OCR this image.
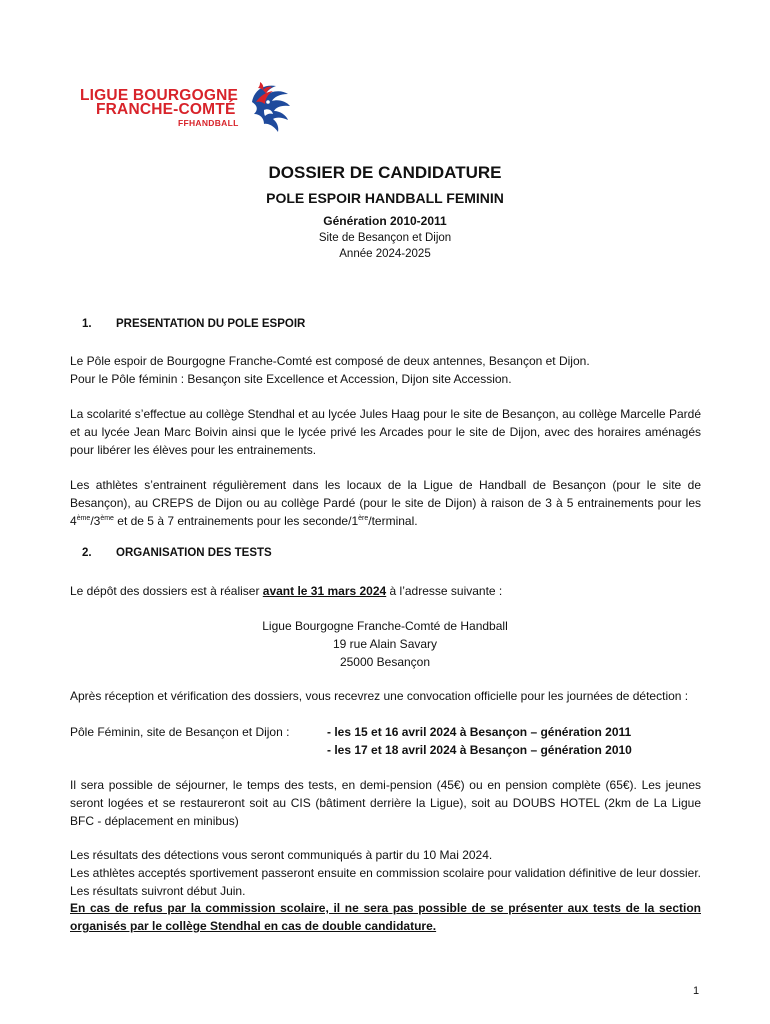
LIGUE BOURGOGNE
FRANCHE-COMTÉ
FFHANDBALL
DOSSIER DE CANDIDATURE
POLE ESPOIR HANDBALL FEMININ
Génération 2010-2011
Site de Besançon et Dijon
Année 2024-2025
1. PRESENTATION DU POLE ESPOIR
Le Pôle espoir de Bourgogne Franche-Comté est composé de deux antennes, Besançon et Dijon.
Pour le Pôle féminin : Besançon site Excellence et Accession, Dijon site Accession.
La scolarité s’effectue au collège Stendhal et au lycée Jules Haag pour le site de Besançon, au collège Marcelle Pardé et au lycée Jean Marc Boivin ainsi que le lycée privé les Arcades pour le site de Dijon, avec des horaires aménagés pour libérer les élèves pour les entrainements.
Les athlètes s’entrainent régulièrement dans les locaux de la Ligue de Handball de Besançon (pour le site de Besançon), au CREPS de Dijon ou au collège Pardé (pour le site de Dijon) à raison de 3 à 5 entrainements pour les 4ème/3ème et de 5 à 7 entrainements pour les seconde/1ère/terminal.
2. ORGANISATION DES TESTS
Le dépôt des dossiers est à réaliser avant le 31 mars 2024 à l’adresse suivante :
Ligue Bourgogne Franche-Comté de Handball
19 rue Alain Savary
25000 Besançon
Après réception et vérification des dossiers, vous recevrez une convocation officielle pour les journées de détection :
Pôle Féminin, site de Besançon et Dijon :	- les 15 et 16 avril 2024 à Besançon – génération 2011
- les 17 et 18 avril 2024 à Besançon – génération 2010
Il sera possible de séjourner, le temps des tests, en demi-pension (45€) ou en pension complète (65€). Les jeunes seront logées et se restaureront soit au CIS (bâtiment derrière la Ligue), soit au DOUBS HOTEL (2km de La Ligue BFC - déplacement en minibus)
Les résultats des détections vous seront communiqués à partir du 10 Mai 2024.
Les athlètes acceptés sportivement passeront ensuite en commission scolaire pour validation définitive de leur dossier. Les résultats suivront début Juin.
En cas de refus par la commission scolaire, il ne sera pas possible de se présenter aux tests de la section organisés par le collège Stendhal en cas de double candidature.
1
